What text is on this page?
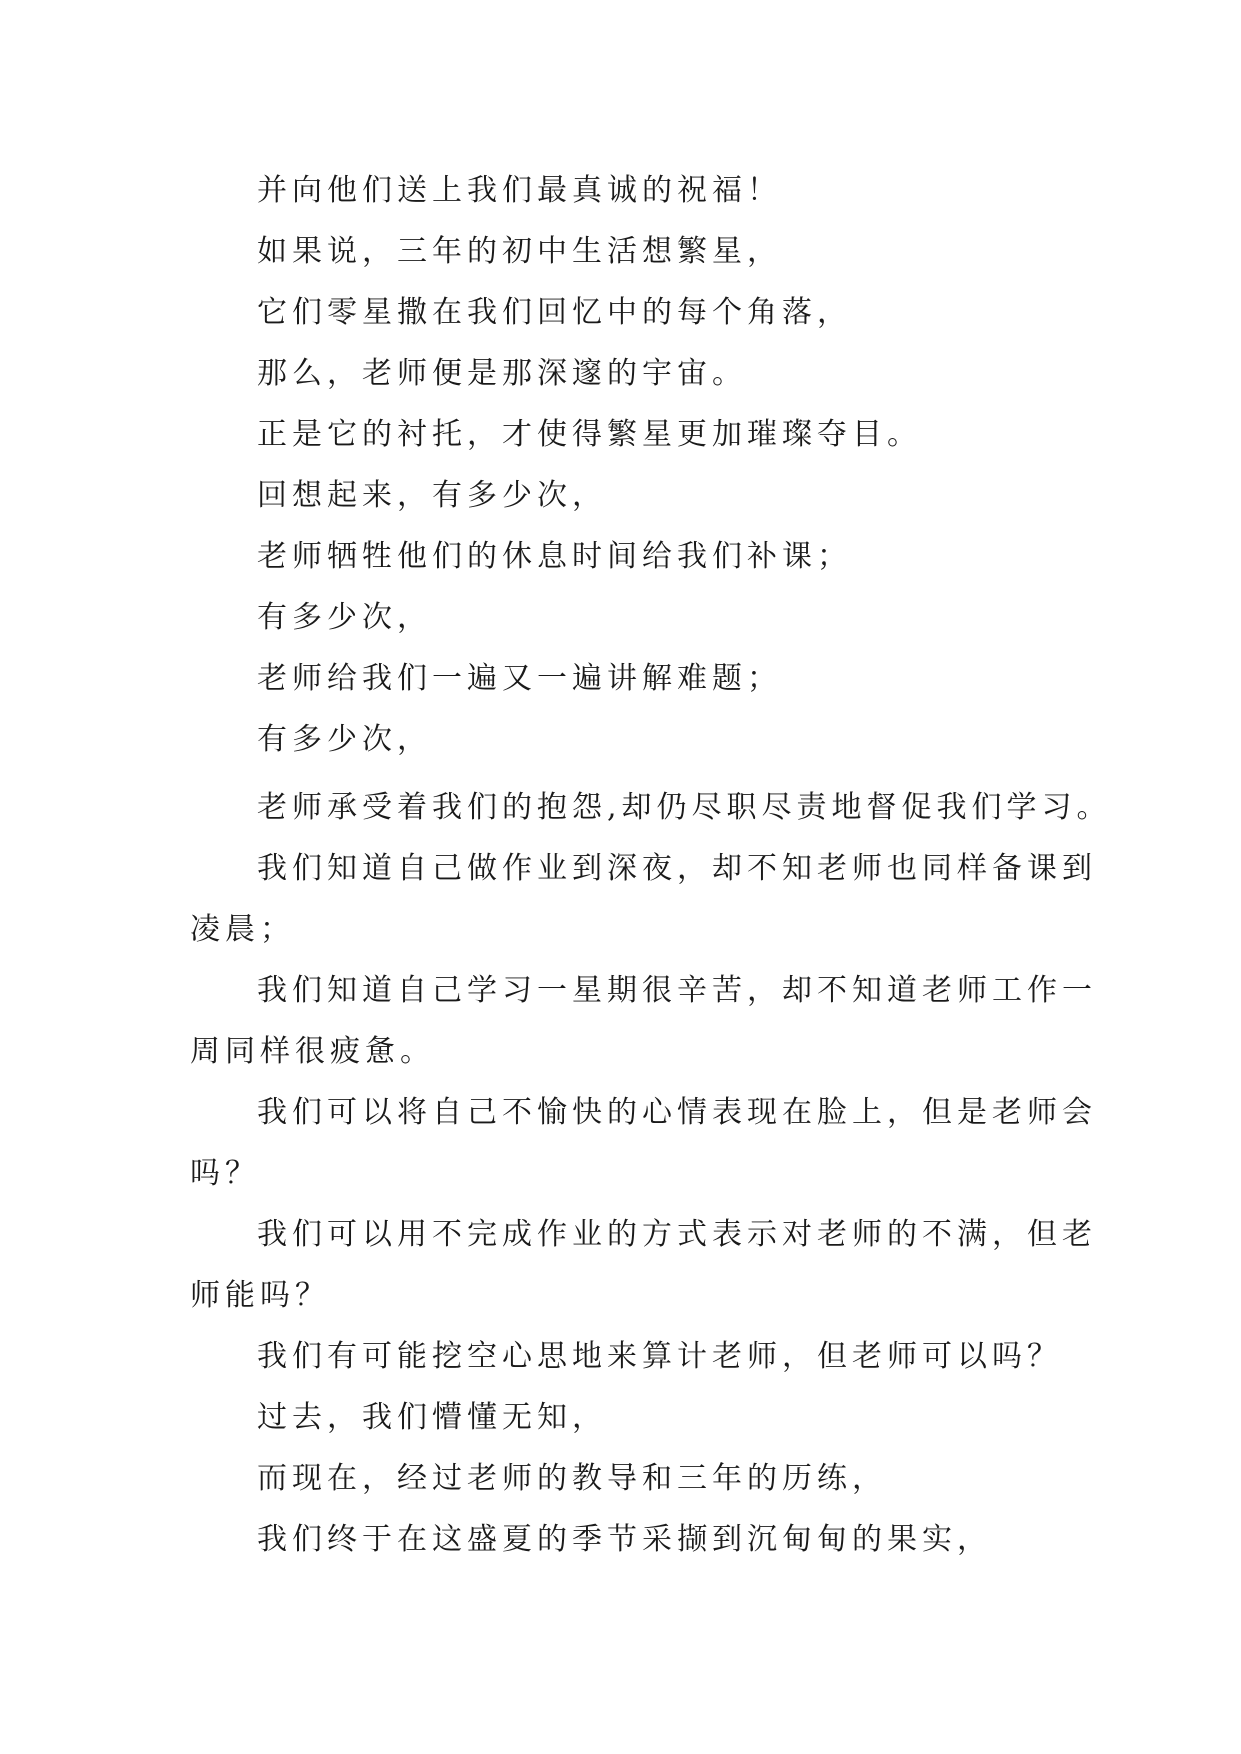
并向他们送上我们最真诚的祝福！
如果说，三年的初中生活想繁星，
它们零星撒在我们回忆中的每个角落，
那么，老师便是那深邃的宇宙。
正是它的衬托，才使得繁星更加璀璨夺目。
回想起来，有多少次，
老师牺牲他们的休息时间给我们补课；
有多少次，
老师给我们一遍又一遍讲解难题；
有多少次，
老师承受着我们的抱怨,却仍尽职尽责地督促我们学习。
我们知道自己做作业到深夜，却不知老师也同样备课到
凌晨；
我们知道自己学习一星期很辛苦，却不知道老师工作一
周同样很疲惫。
我们可以将自己不愉快的心情表现在脸上，但是老师会
吗？
我们可以用不完成作业的方式表示对老师的不满，但老
师能吗？
我们有可能挖空心思地来算计老师，但老师可以吗？
过去，我们懵懂无知，
而现在，经过老师的教导和三年的历练，
我们终于在这盛夏的季节采撷到沉甸甸的果实，
